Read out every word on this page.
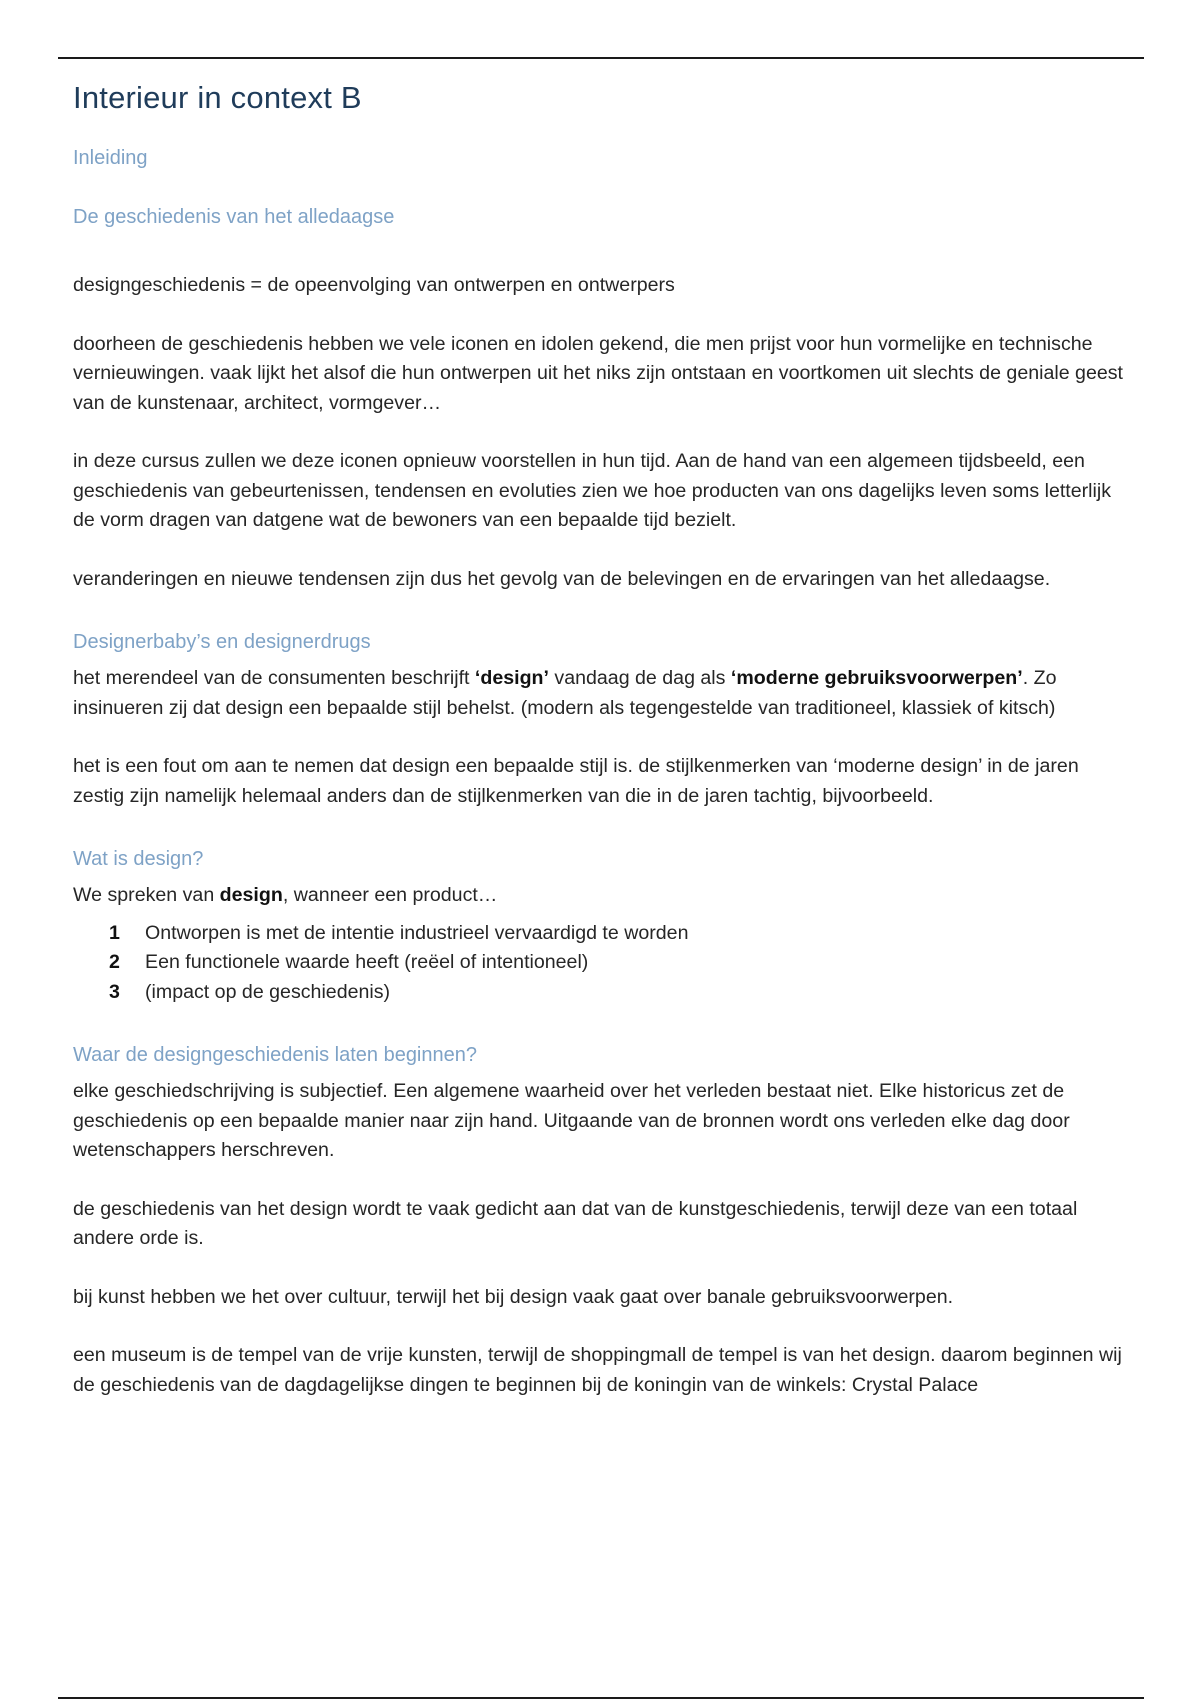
Interieur in context B
Inleiding
De geschiedenis van het alledaagse

designgeschiedenis = de opeenvolging van ontwerpen en ontwerpers

doorheen de geschiedenis hebben we vele iconen en idolen gekend, die men prijst voor hun vormelijke en technische vernieuwingen. vaak lijkt het alsof die hun ontwerpen uit het niks zijn ontstaan en voortkomen uit slechts de geniale geest van de kunstenaar, architect, vormgever…

in deze cursus zullen we deze iconen opnieuw voorstellen in hun tijd. Aan de hand van een algemeen tijdsbeeld, een geschiedenis van gebeurtenissen, tendensen en evoluties zien we hoe producten van ons dagelijks leven soms letterlijk de vorm dragen van datgene wat de bewoners van een bepaalde tijd bezielt.

veranderingen en nieuwe tendensen zijn dus het gevolg van de belevingen en de ervaringen van het alledaagse.

Designerbaby’s en designerdrugs

het merendeel van de consumenten beschrijft ‘design’ vandaag de dag als ‘moderne gebruiksvoorwerpen’. Zo insinueren zij dat design een bepaalde stijl behelst. (modern als tegengestelde van traditioneel, klassiek of kitsch)

het is een fout om aan te nemen dat design een bepaalde stijl is. de stijlkenmerken van ‘moderne design’ in de jaren zestig zijn namelijk helemaal anders dan de stijlkenmerken van die in de jaren tachtig, bijvoorbeeld.

Wat is design?

We spreken van design, wanneer een product…

1 Ontworpen is met de intentie industrieel vervaardigd te worden
2 Een functionele waarde heeft (reëel of intentioneel)
3 (impact op de geschiedenis)
Waar de designgeschiedenis laten beginnen?

elke geschiedschrijving is subjectief. Een algemene waarheid over het verleden bestaat niet. Elke historicus zet de geschiedenis op een bepaalde manier naar zijn hand. Uitgaande van de bronnen wordt ons verleden elke dag door wetenschappers herschreven.

de geschiedenis van het design wordt te vaak gedicht aan dat van de kunstgeschiedenis, terwijl deze van een totaal andere orde is.

bij kunst hebben we het over cultuur, terwijl het bij design vaak gaat over banale gebruiksvoorwerpen.

een museum is de tempel van de vrije kunsten, terwijl de shoppingmall de tempel is van het design. daarom beginnen wij de geschiedenis van de dagdagelijkse dingen te beginnen bij de koningin van de winkels: Crystal Palace
